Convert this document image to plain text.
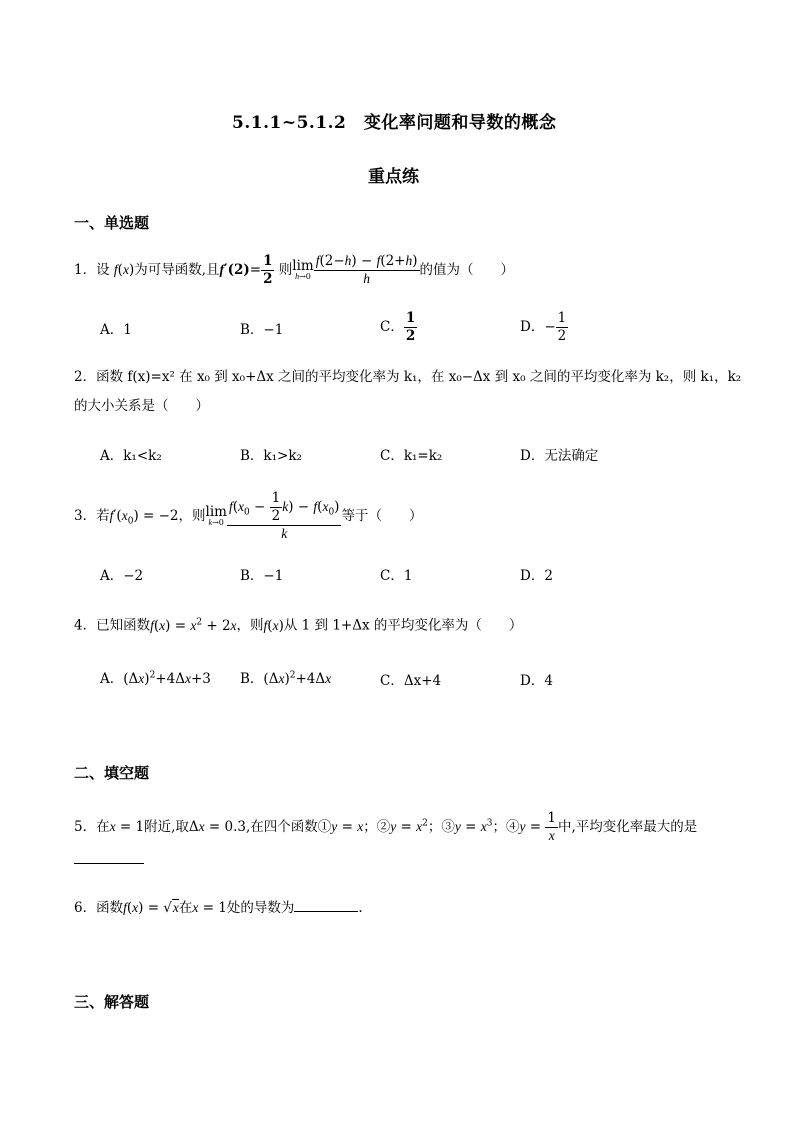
5.1.1~5.1.2　变化率问题和导数的概念
重点练
一、单选题
1．设 f(x)为可导函数,且$f'(2)= \frac{1}{2}$ 则lim
$h\to 0 \frac{f(2-h) - f(2+h)}{h}$ 的值为（　　）
A．1	B．−1	C． $\frac{1}{2}$	D．− $\frac{1}{2}$
2．函数 f(x)=x² 在 x₀ 到 x₀+Δx 之间的平均变化率为 k₁，在 x₀−Δx 到 x₀ 之间的平均变化率为 k₂，则 k₁，k₂
的大小关系是（　　）
A．k₁<k₂	B．k₁>k₂	C．k₁=k₂	D．无法确定
3．若$f'(x_0) = -2$，则lim
$k\to 0 \frac{f(x_0 - \frac{1}{2} k) - f(x_0)}{k}$ 等于（　　）
A．−2	B．−1	C．1	D．2
4．已知函数$f(x) = x^2 + 2x$，则f(x)从 1 到 1+Δx 的平均变化率为（　　）
A．$(\Delta x)^2+4\Delta x+3$ B．$(\Delta x)^2+4\Delta x$	C．Δx+4	D．4
二、填空题
5．在x = 1附近,取Δx = 0.3,在四个函数①y = x；②y = $x^2$；③y = $x^3$；④y = $\frac{1}{x}$ 中,平均变化率最大的是
6．函数f(x) = √x在x = 1处的导数为	.
三、解答题
